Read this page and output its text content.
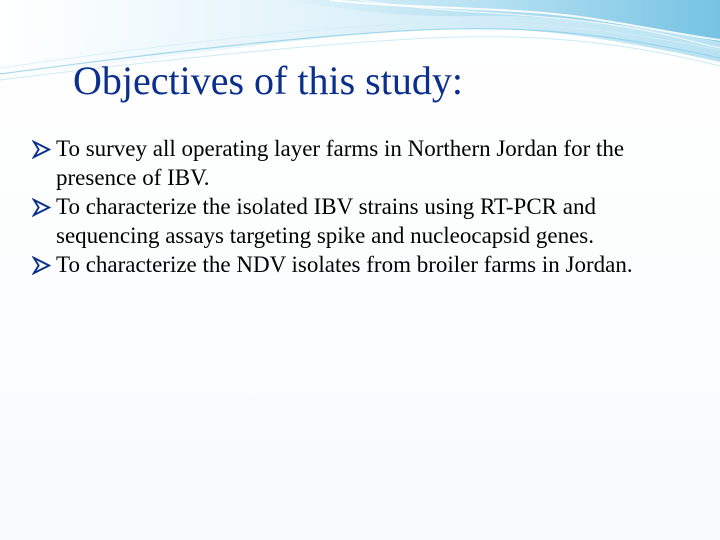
Objectives of this study:
To survey all operating layer farms in Northern Jordan for the presence of IBV.
To characterize the isolated IBV strains using RT-PCR and sequencing assays targeting spike and nucleocapsid genes.
To characterize the NDV isolates from broiler farms in Jordan.
